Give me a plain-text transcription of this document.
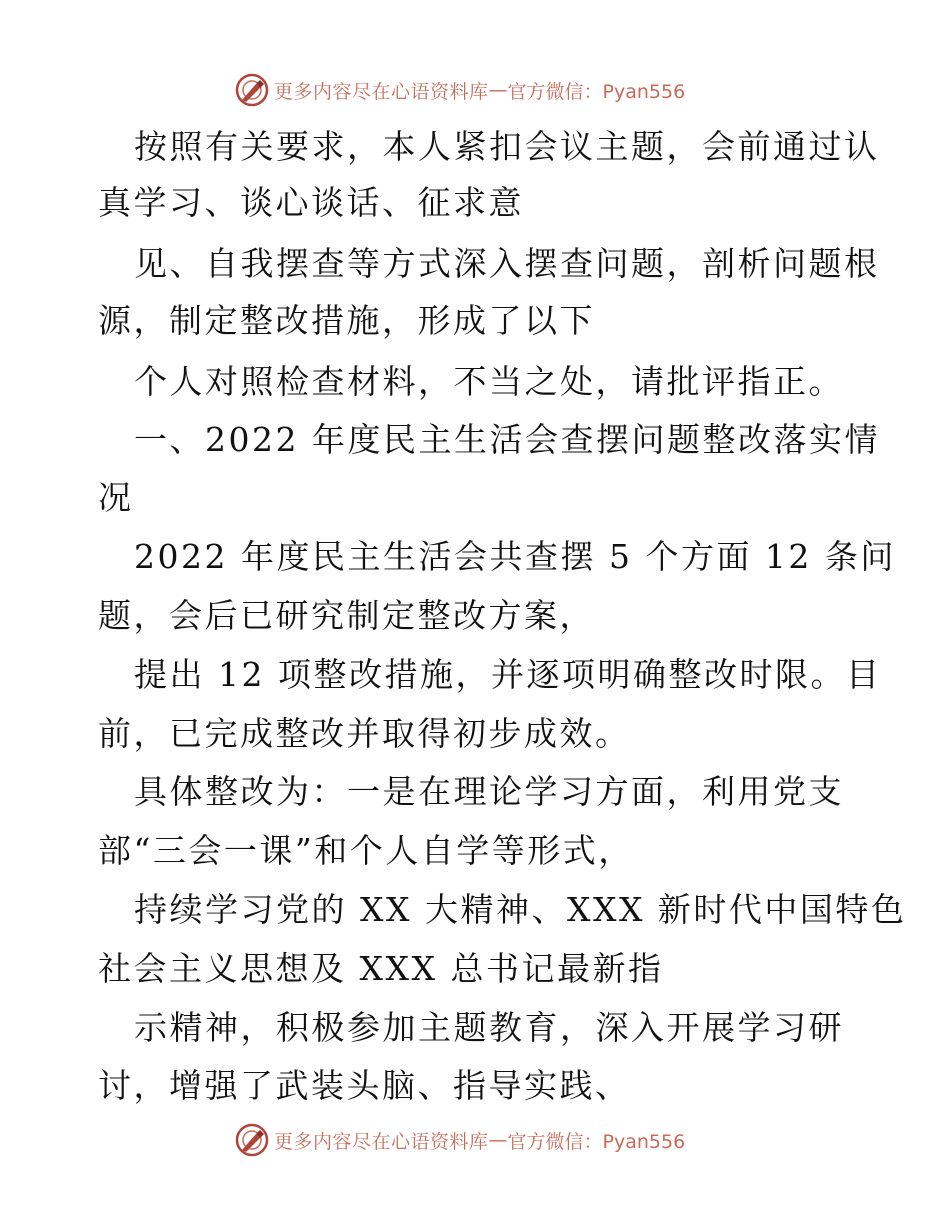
更多内容尽在心语资料库 — 官方微信：Pyan556
按照有关要求，本人紧扣会议主题，会前通过认
真学习、谈心谈话、征求意
见、自我摆查等方式深入摆查问题，剖析问题根
源，制定整改措施，形成了以下
个人对照检查材料，不当之处，请批评指正。
一、2022 年度民主生活会查摆问题整改落实情
况
2022 年度民主生活会共查摆 5 个方面 12 条问
题，会后已研究制定整改方案，
提出 12 项整改措施，并逐项明确整改时限。目
前，已完成整改并取得初步成效。
具体整改为：一是在理论学习方面，利用党支
部“三会一课”和个人自学等形式，
持续学习党的 XX 大精神、XXX 新时代中国特色
社会主义思想及 XXX 总书记最新指
示精神，积极参加主题教育，深入开展学习研
讨，增强了武装头脑、指导实践、
更多内容尽在心语资料库 — 官方微信：Pyan556
